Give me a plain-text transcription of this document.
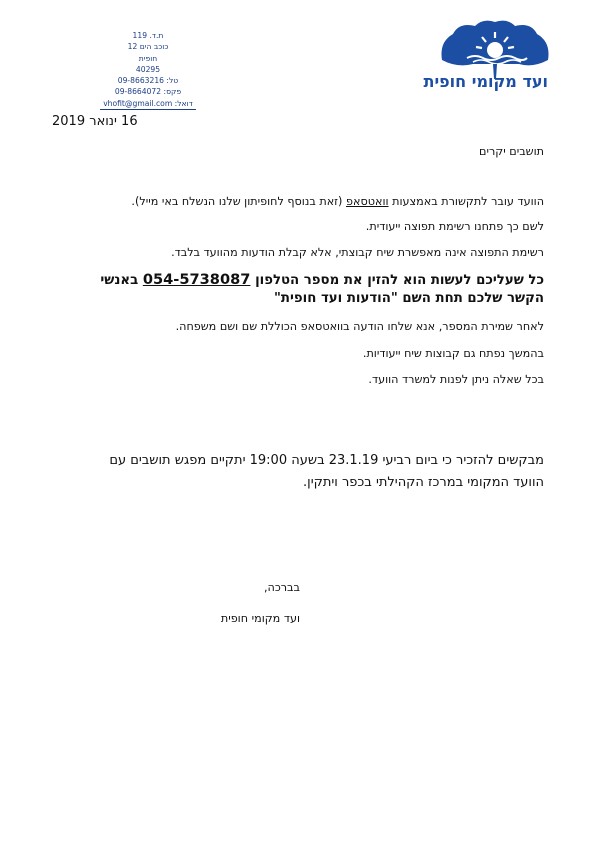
ת.ד. 119
כוכב הים 12
חופית
40295
טל: 09-8663216
פקס: 09-8664072
דואל: vhofit@gmail.com
ועד מקומי חופית
16 ינואר 2019
תושבים יקרים
הוועד עובר לתקשורת באמצעות וואטסאפ (זאת בנוסף לחופיתון שלנו הנשלח באי מייל).
לשם כך פתחנו רשימת תפוצה ייעודית.
רשימת התפוצה אינה מאפשרת שיח קבוצתי, אלא קבלת הודעות מהוועד בלבד.
כל שעליכם לעשות הוא להזין את מספר הטלפון 054-5738087 באנשי
הקשר שלכם תחת השם "הודעות ועד חופית"
לאחר שמירת המספר, אנא שלחו הודעה בוואטסאפ הכוללת שם ושם משפחה.
בהמשך נפתח גם קבוצות שיח ייעודיות.
בכל שאלה ניתן לפנות למשרד הוועד.
מבקשים להזכיר כי ביום רביעי 23.1.19 בשעה 19:00 יתקיים מפגש תושבים עם
הוועד המקומי במרכז הקהילתי בכפר ויתקין.
בברכה,
ועד מקומי חופית
